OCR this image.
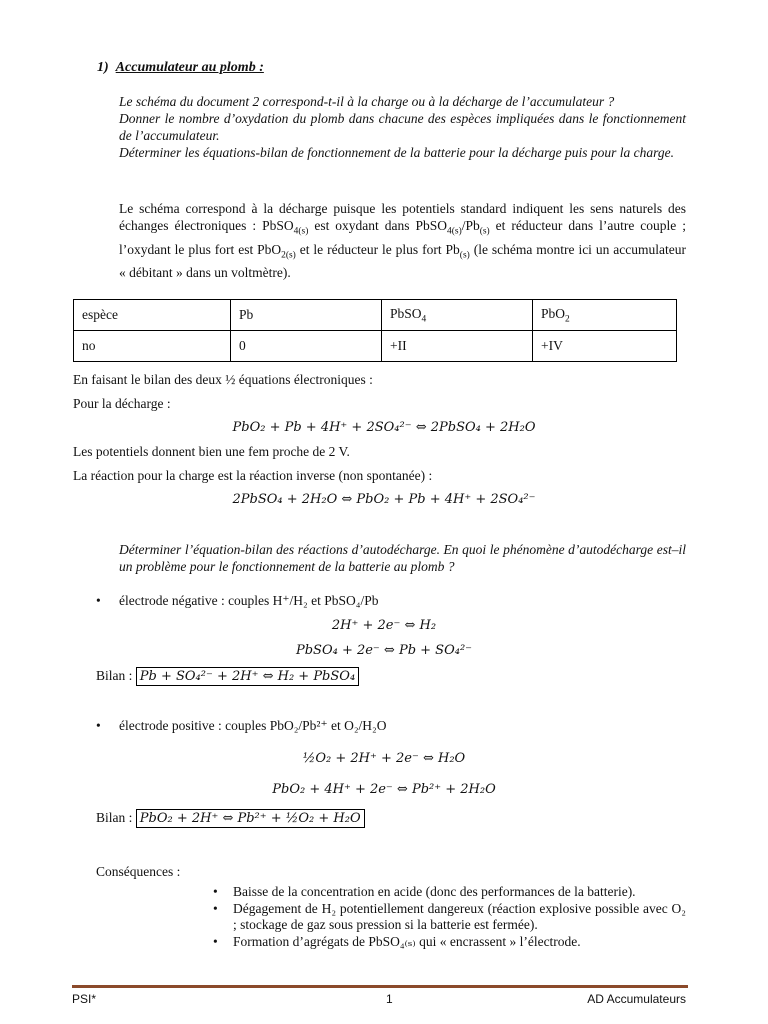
1) Accumulateur au plomb :
Le schéma du document 2 correspond-t-il à la charge ou à la décharge de l’accumulateur ?
Donner le nombre d’oxydation du plomb dans chacune des espèces impliquées dans le fonctionnement de l’accumulateur.
Déterminer les équations-bilan de fonctionnement de la batterie pour la décharge puis pour la charge.
Le schéma correspond à la décharge puisque les potentiels standard indiquent les sens naturels des échanges électroniques : PbSO$_{4(s)}$ est oxydant dans $PbSO_{4(s)}/Pb_{(s)}$ et réducteur dans l’autre couple ; l’oxydant le plus fort est PbO$_{2(s)}$ et le réducteur le plus fort $Pb_{(s)}$ (le schéma montre ici un accumulateur « débitant » dans un voltmètre).
espèce	Pb	PbSO$_4$	PbO$_2$
no	0	+II	+IV
En faisant le bilan des deux ½ équations électroniques :
Pour la décharge :
PbO₂ + Pb + 4H⁺ + 2SO₄²⁻ ⇔ 2PbSO₄ + 2H₂O
Les potentiels donnent bien une fem proche de 2 V.
La réaction pour la charge est la réaction inverse (non spontanée) :
2PbSO₄ + 2H₂O ⇔ PbO₂ + Pb + 4H⁺ + 2SO₄²⁻
Déterminer l’équation-bilan des réactions d’autodécharge. En quoi le phénomène d’autodécharge est–il un problème pour le fonctionnement de la batterie au plomb ?
• électrode négative : couples H⁺/H₂ et PbSO₄/Pb
2H⁺ + 2e⁻ ⇔ H₂
PbSO₄ + 2e⁻ ⇔ Pb + SO₄²⁻
Bilan : Pb + SO₄²⁻ + 2H⁺ ⇔ H₂ + PbSO₄
• électrode positive : couples PbO₂/Pb²⁺ et O₂/H₂O
½O₂ + 2H⁺ + 2e⁻ ⇔ H₂O
PbO₂ + 4H⁺ + 2e⁻ ⇔ Pb²⁺ + 2H₂O
Bilan : PbO₂ + 2H⁺ ⇔ Pb²⁺ + ½O₂ + H₂O
Conséquences :
• Baisse de la concentration en acide (donc des performances de la batterie).
• Dégagement de H₂ potentiellement dangereux (réaction explosive possible avec O₂ ; stockage de gaz sous pression si la batterie est fermée).
• Formation d’agrégats de PbSO₄₍ₛ₎ qui « encrassent » l’électrode.
PSI*	1	AD Accumulateurs
